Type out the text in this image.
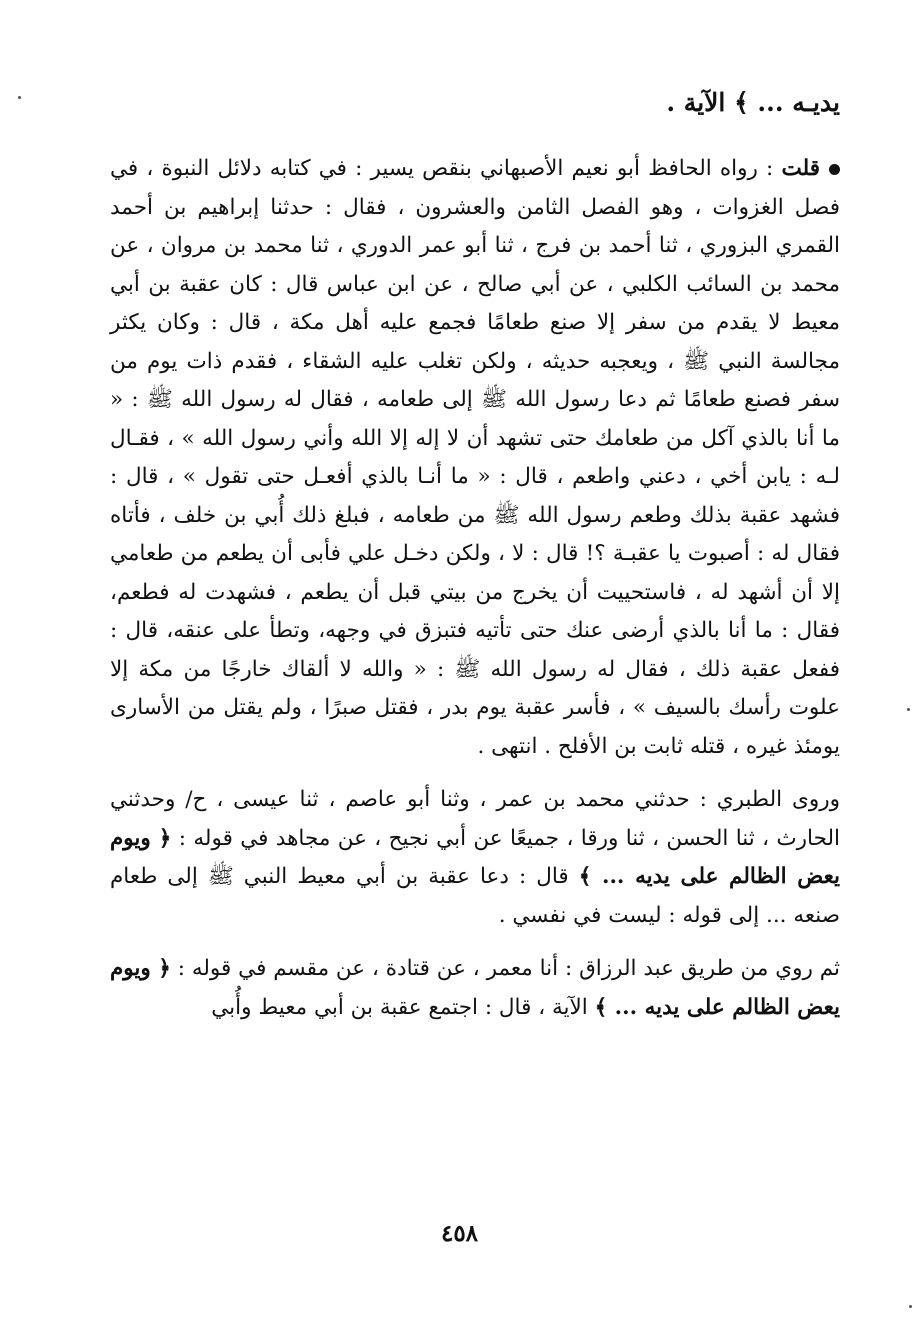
يديـه ... ﴾ الآية .

قلت : رواه الحافظ أبو نعيم الأصبهاني بنقص يسير : في كتابه دلائل النبوة ، في فصل الغزوات ، وهو الفصل الثامن والعشرون ، فقال : حدثنا إبراهيم بن أحمد القمري البزوري ، ثنا أحمد بن فرج ، ثنا أبو عمر الدوري ، ثنا محمد بن مروان ، عن محمد بن السائب الكلبي ، عن أبي صالح ، عن ابن عباس قال : كان عقبة بن أبي معيط لا يقدم من سفر إلا صنع طعامًا فجمع عليه أهل مكة ، قال : وكان يكثر مجالسة النبي ﷺ ، ويعجبه حديثه ، ولكن تغلب عليه الشقاء ، فقدم ذات يوم من سفر فصنع طعامًا ثم دعا رسول الله ﷺ إلى طعامه ، فقال له رسول الله ﷺ : « ما أنا بالذي آكل من طعامك حتى تشهد أن لا إله إلا الله وأني رسول الله » ، فقـال لـه : يابن أخي ، دعني واطعم ، قال : « ما أنـا بالذي أفعـل حتى تقول » ، قال : فشهد عقبة بذلك وطعم رسول الله ﷺ من طعامه ، فبلغ ذلك أُبي بن خلف ، فأتاه فقال له : أصبوت يا عقبـة ؟! قال : لا ، ولكن دخـل علي فأبى أن يطعم من طعامي إلا أن أشهد له ، فاستحييت أن يخرج من بيتي قبل أن يطعم ، فشهدت له فطعم، فقال : ما أنا بالذي أرضى عنك حتى تأتيه فتبزق في وجهه، وتطأ على عنقه، قال : ففعل عقبة ذلك ، فقال له رسول الله ﷺ : « والله لا ألقاك خارجًا من مكة إلا علوت رأسك بالسيف » ، فأسر عقبة يوم بدر ، فقتل صبرًا ، ولم يقتل من الأسارى يومئذ غيره ، قتله ثابت بن الأفلح . انتهى .

وروى الطبري : حدثني محمد بن عمر ، وثنا أبو عاصم ، ثنا عيسى ، ح/ وحدثني الحارث ، ثنا الحسن ، ثنا ورقا ، جميعًا عن أبي نجيح ، عن مجاهد في قوله : ﴿ ويوم يعض الظالم على يديه ... ﴾ قال : دعا عقبة بن أبي معيط النبي ﷺ إلى طعام صنعه ... إلى قوله : ليست في نفسي .

ثم روي من طريق عبد الرزاق : أنا معمر ، عن قتادة ، عن مقسم في قوله : ﴿ ويوم يعض الظالم على يديه ... ﴾ الآية ، قال : اجتمع عقبة بن أبي معيط وأُبي

٤٥٨
